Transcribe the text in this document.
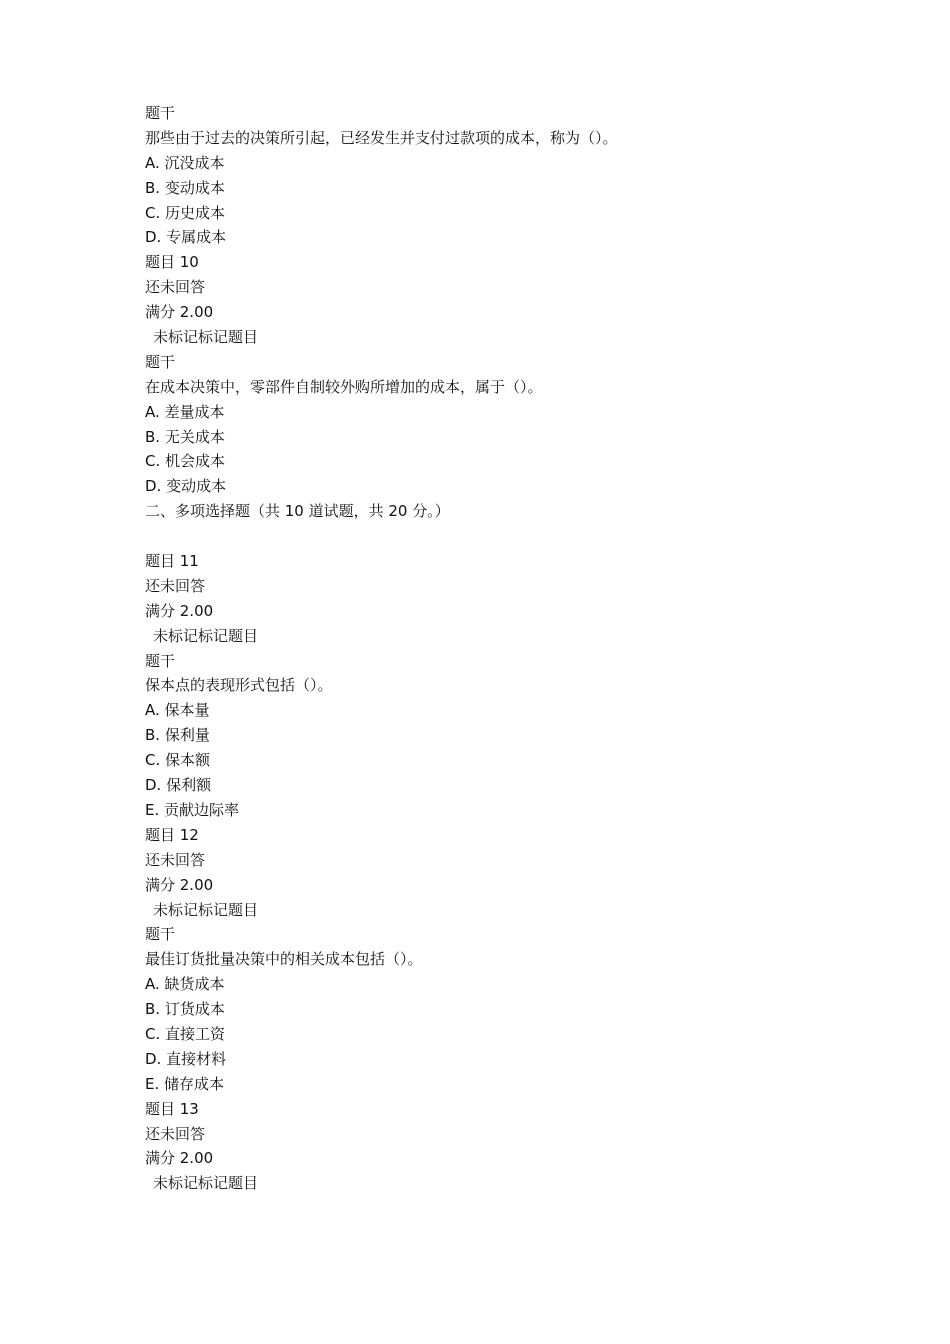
题干
那些由于过去的决策所引起，已经发生并支付过款项的成本，称为（）。
A. 沉没成本
B. 变动成本
C. 历史成本
D. 专属成本
题目 10
还未回答
满分 2.00
未标记标记题目
题干
在成本决策中，零部件自制较外购所增加的成本，属于（）。
A. 差量成本
B. 无关成本
C. 机会成本
D. 变动成本
二、多项选择题（共 10 道试题，共 20 分。）
题目 11
还未回答
满分 2.00
未标记标记题目
题干
保本点的表现形式包括（）。
A. 保本量
B. 保利量
C. 保本额
D. 保利额
E. 贡献边际率
题目 12
还未回答
满分 2.00
未标记标记题目
题干
最佳订货批量决策中的相关成本包括（）。
A. 缺货成本
B. 订货成本
C. 直接工资
D. 直接材料
E. 储存成本
题目 13
还未回答
满分 2.00
未标记标记题目
